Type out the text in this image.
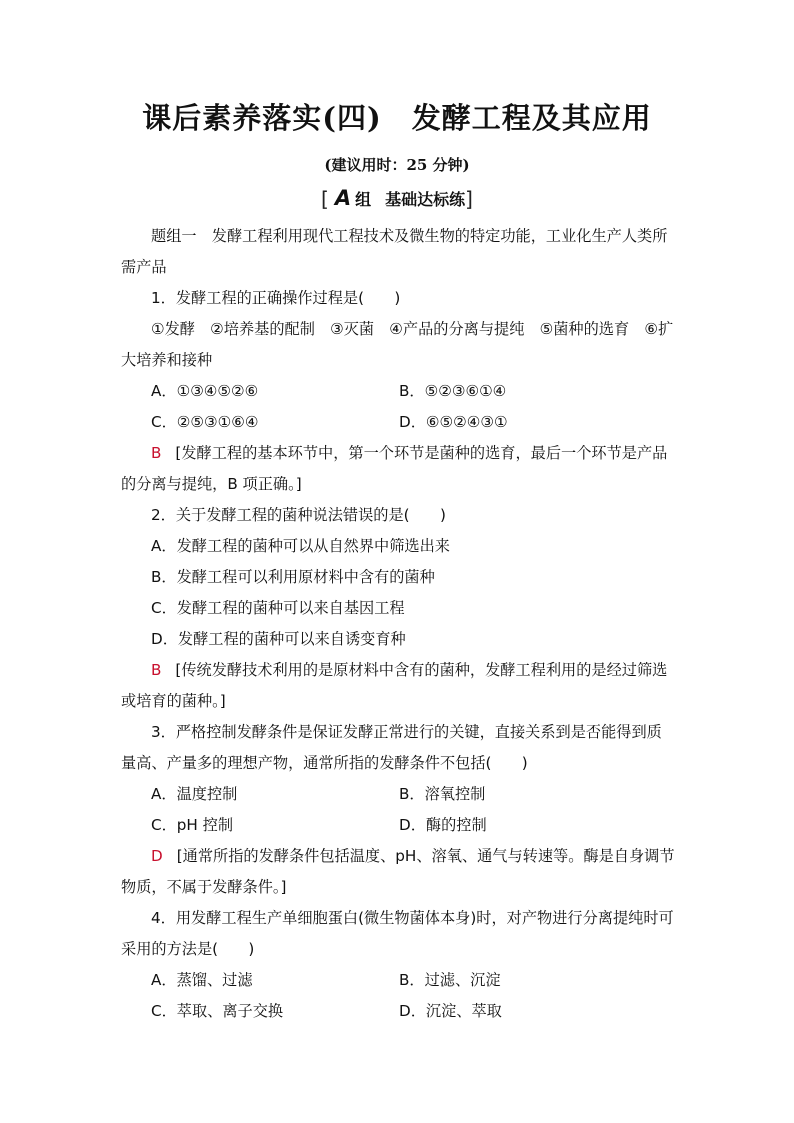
课后素养落实(四)　发酵工程及其应用
(建议用时：25 分钟)
[ A 组 基础达标练]

题组一　发酵工程利用现代工程技术及微生物的特定功能，工业化生产人类所需产品

1．发酵工程的正确操作过程是(　　)

①发酵　②培养基的配制　③灭菌　④产品的分离与提纯　⑤菌种的选育　⑥扩大培养和接种

A．①③④⑤②⑥	B．⑤②③⑥①④
C．②⑤③①⑥④	D．⑥⑤②④③①

B [发酵工程的基本环节中，第一个环节是菌种的选育，最后一个环节是产品的分离与提纯，B 项正确。]

2．关于发酵工程的菌种说法错误的是(　　)

A．发酵工程的菌种可以从自然界中筛选出来

B．发酵工程可以利用原材料中含有的菌种

C．发酵工程的菌种可以来自基因工程

D．发酵工程的菌种可以来自诱变育种

B [传统发酵技术利用的是原材料中含有的菌种，发酵工程利用的是经过筛选或培育的菌种。]

3．严格控制发酵条件是保证发酵正常进行的关键，直接关系到是否能得到质量高、产量多的理想产物，通常所指的发酵条件不包括(　　)

A．温度控制	B．溶氧控制
C．pH 控制	D．酶的控制

D [通常所指的发酵条件包括温度、pH、溶氧、通气与转速等。酶是自身调节物质，不属于发酵条件。]

4．用发酵工程生产单细胞蛋白(微生物菌体本身)时，对产物进行分离提纯时可采用的方法是(　　)

A．蒸馏、过滤	B．过滤、沉淀
C．萃取、离子交换	D．沉淀、萃取
